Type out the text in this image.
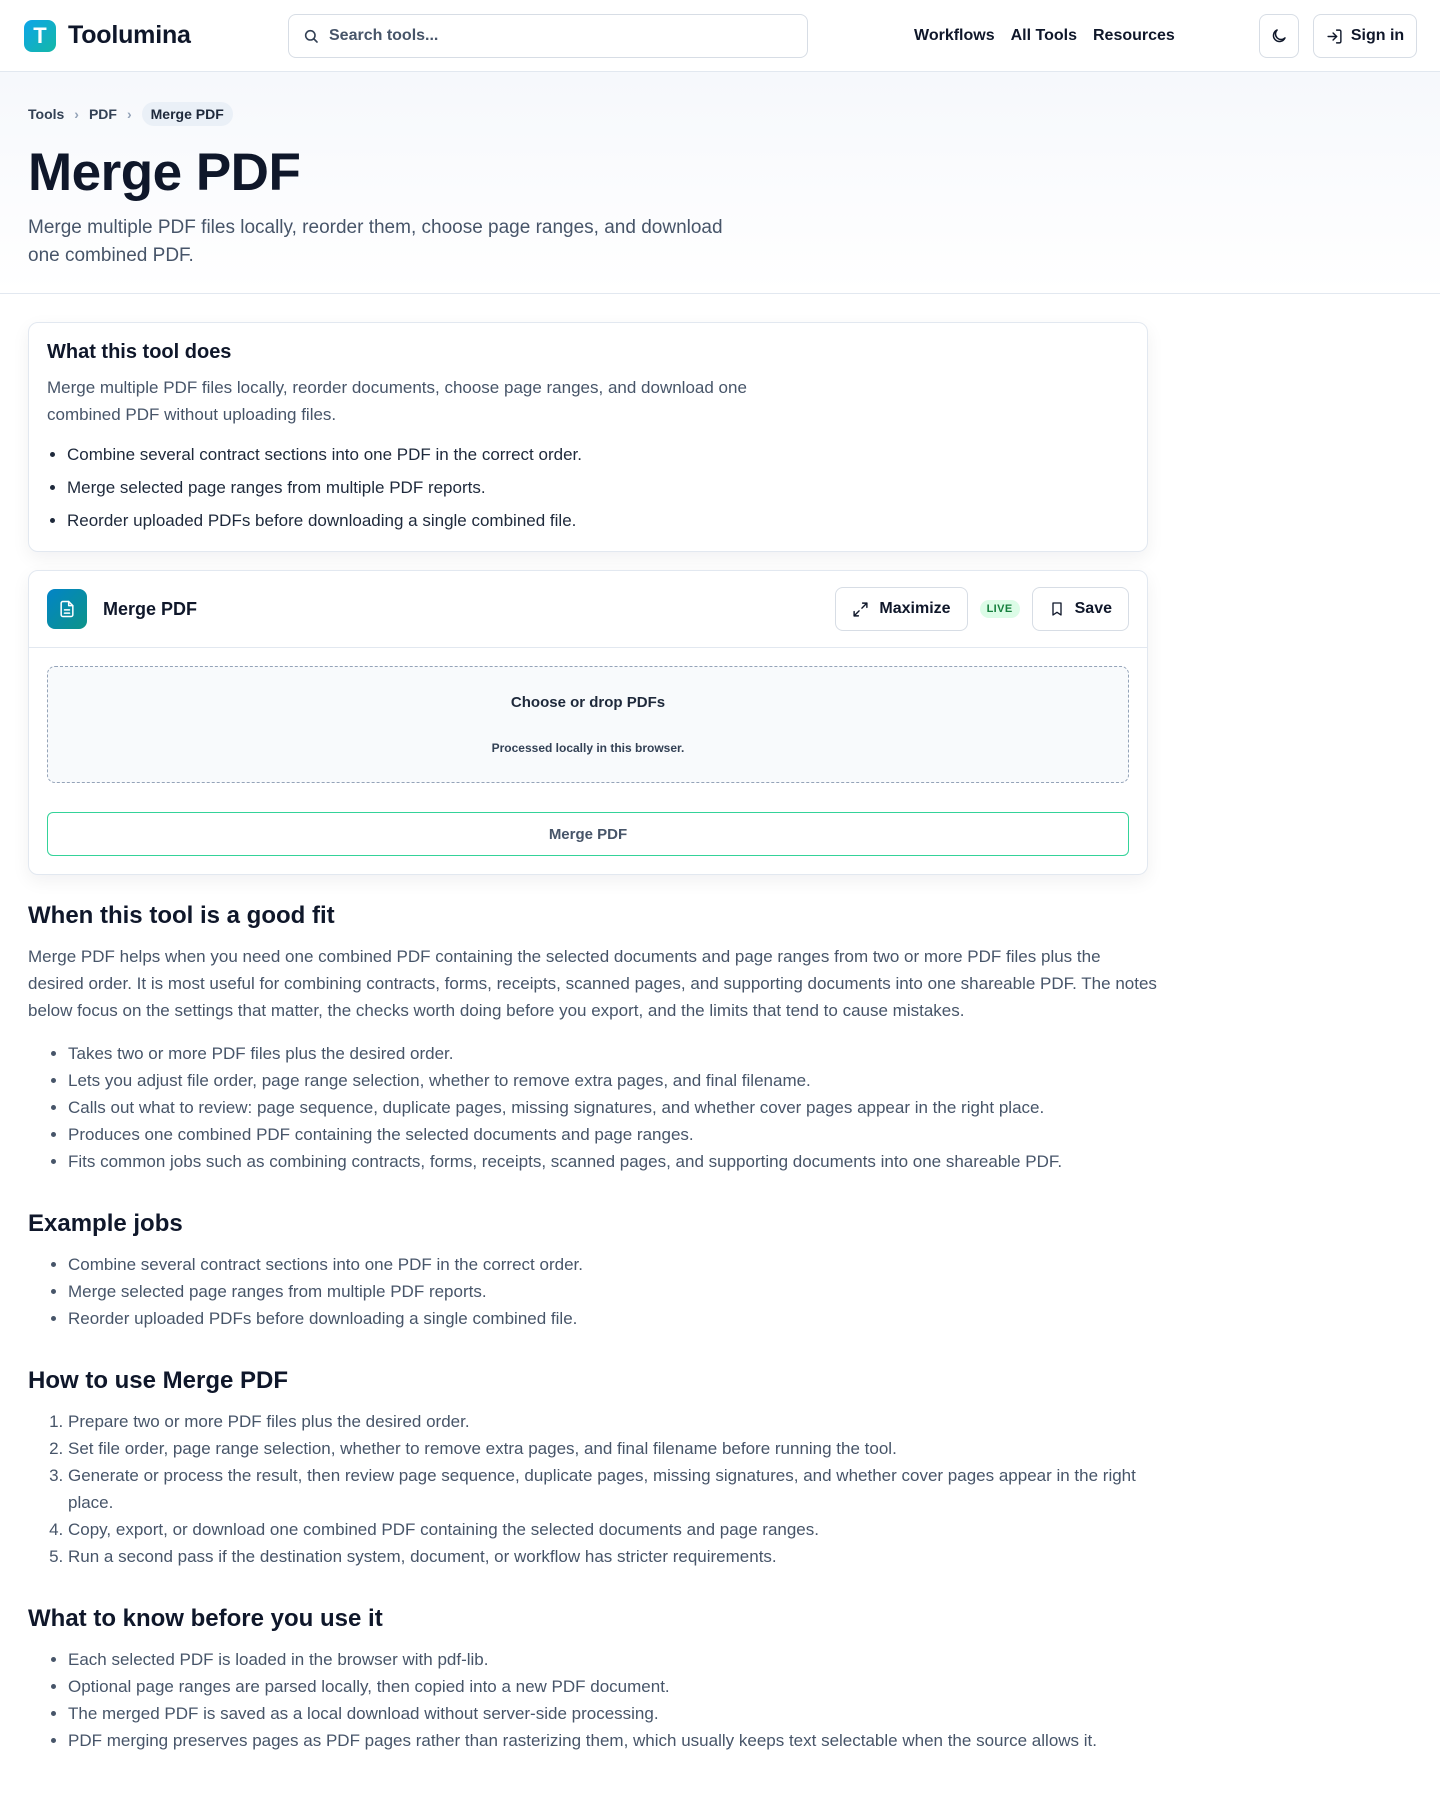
T Toolumina
Search tools...	Workflows All Tools Resources	Sign in
Tools › PDF ›	Merge PDF
Merge PDF

Merge multiple PDF files locally, reorder them, choose page ranges, and download one combined PDF.

What this tool does

Merge multiple PDF files locally, reorder documents, choose page ranges, and download one combined PDF without uploading files.

• Combine several contract sections into one PDF in the correct order.
• Merge selected page ranges from multiple PDF reports.
• Reorder uploaded PDFs before downloading a single combined file.
Merge PDF	Maximize	LIVE	Save
Choose or drop PDFs
Processed locally in this browser.
Merge PDF
When this tool is a good fit

Merge PDF helps when you need one combined PDF containing the selected documents and page ranges from two or more PDF files plus the desired order. It is most useful for combining contracts, forms, receipts, scanned pages, and supporting documents into one shareable PDF. The notes below focus on the settings that matter, the checks worth doing before you export, and the limits that tend to cause mistakes.

• Takes two or more PDF files plus the desired order.
• Lets you adjust file order, page range selection, whether to remove extra pages, and final filename.
• Calls out what to review: page sequence, duplicate pages, missing signatures, and whether cover pages appear in the right place.
• Produces one combined PDF containing the selected documents and page ranges.
• Fits common jobs such as combining contracts, forms, receipts, scanned pages, and supporting documents into one shareable PDF.
Example jobs
• Combine several contract sections into one PDF in the correct order.
• Merge selected page ranges from multiple PDF reports.
• Reorder uploaded PDFs before downloading a single combined file.
How to use Merge PDF
1. Prepare two or more PDF files plus the desired order.
2. Set file order, page range selection, whether to remove extra pages, and final filename before running the tool.
3. Generate or process the result, then review page sequence, duplicate pages, missing signatures, and whether cover pages appear in the right place.
4. Copy, export, or download one combined PDF containing the selected documents and page ranges.
5. Run a second pass if the destination system, document, or workflow has stricter requirements.
What to know before you use it
• Each selected PDF is loaded in the browser with pdf-lib.
• Optional page ranges are parsed locally, then copied into a new PDF document.
• The merged PDF is saved as a local download without server-side processing.
• PDF merging preserves pages as PDF pages rather than rasterizing them, which usually keeps text selectable when the source allows it.
